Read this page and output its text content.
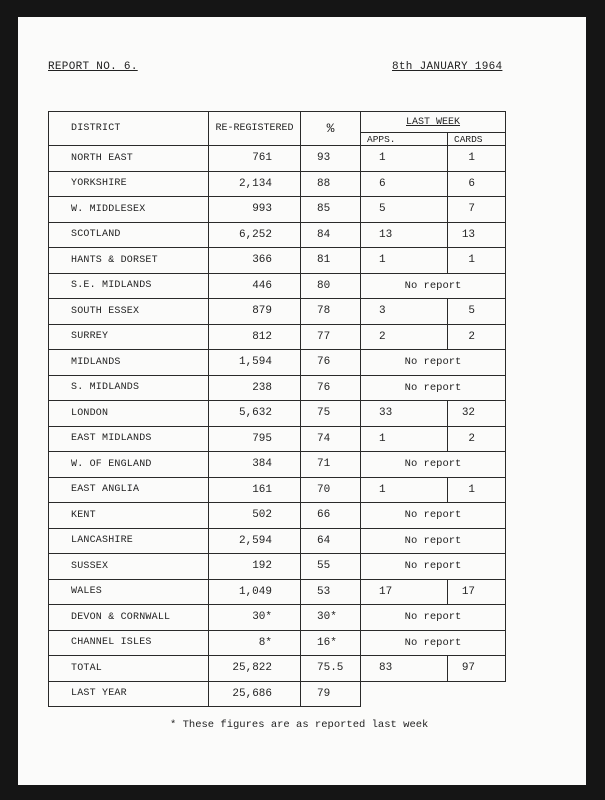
REPORT NO. 6.	8th JANUARY 1964
DISTRICT	RE-REGISTERED	%	LAST WEEK	
			APPS.	CARDS
NORTH EAST	761	93	1	1
YORKSHIRE	2,134	88	6	6
W. MIDDLESEX	993	85	5	7
SCOTLAND	6,252	84	13	13
HANTS & DORSET	366	81	1	1
S.E. MIDLANDS	446	80	No report	
SOUTH ESSEX	879	78	3	5
SURREY	812	77	2	2
MIDLANDS	1,594	76	No report	
S. MIDLANDS	238	76	No report	
LONDON	5,632	75	33	32
EAST MIDLANDS	795	74	1	2
W. OF ENGLAND	384	71	No report	
EAST ANGLIA	161	70	1	1
KENT	502	66	No report	
LANCASHIRE	2,594	64	No report	
SUSSEX	192	55	No report	
WALES	1,049	53	17	17
DEVON & CORNWALL	30*	30*	No report	
CHANNEL ISLES	8*	16*	No report	
TOTAL	25,822	75.5	83	97
LAST YEAR	25,686	79		
* These figures are as reported last week
